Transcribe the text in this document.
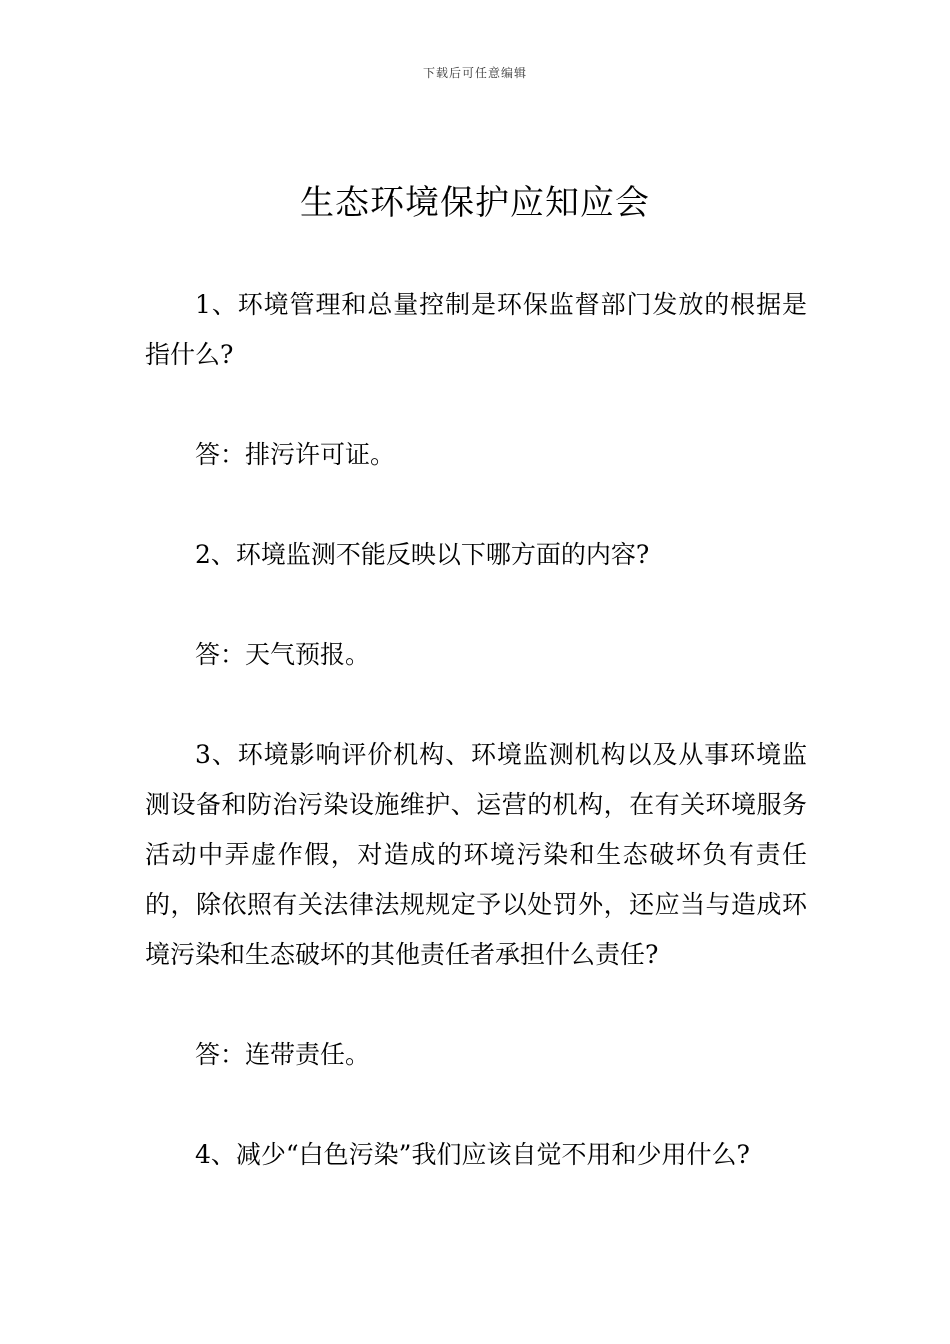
下载后可任意编辑
生态环境保护应知应会

1、环境管理和总量控制是环保监督部门发放的根据是指什么?

答：排污许可证。

2、环境监测不能反映以下哪方面的内容?

答：天气预报。

3、环境影响评价机构、环境监测机构以及从事环境监测设备和防治污染设施维护、运营的机构，在有关环境服务活动中弄虚作假，对造成的环境污染和生态破坏负有责任的，除依照有关法律法规规定予以处罚外，还应当与造成环境污染和生态破坏的其他责任者承担什么责任?

答：连带责任。

4、减少“白色污染”我们应该自觉不用和少用什么?
